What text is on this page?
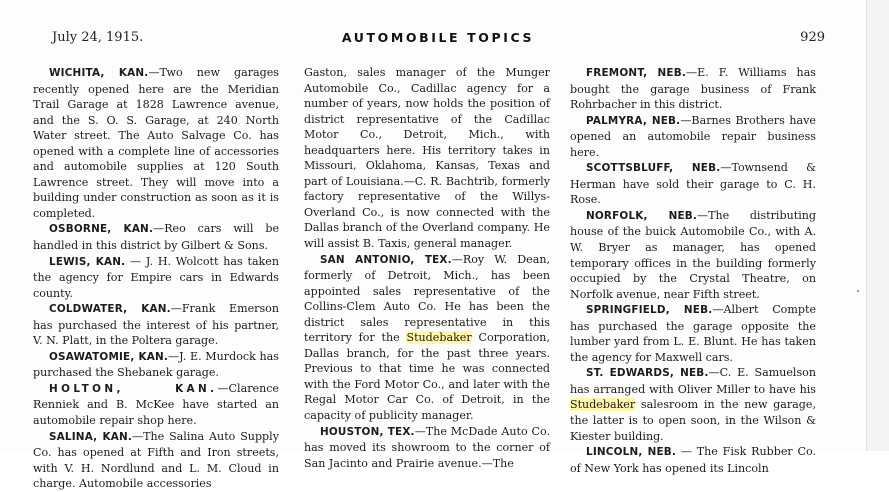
July 24, 1915.	AUTOMOBILE TOPICS	929

WICHITA, KAN.—Two new garages recently opened here are the Meridian Trail Garage at 1828 Lawrence avenue, and the S. O. S. Garage, at 240 North Water street. The Auto Salvage Co. has opened with a complete line of accessories and automobile supplies at 120 South Lawrence street. They will move into a building under construction as soon as it is completed.

OSBORNE, KAN.—Reo cars will be handled in this district by Gilbert & Sons.

LEWIS, KAN. — J. H. Wolcott has taken the agency for Empire cars in Edwards county.

COLDWATER, KAN.—Frank Emerson has purchased the interest of his partner, V. N. Platt, in the Poltera garage.

OSAWATOMIE, KAN.—J. E. Murdock has purchased the Shebanek garage.

HOLTON, KAN.—Clarence Renniek and B. McKee have started an automobile repair shop here.

SALINA, KAN.—The Salina Auto Supply Co. has opened at Fifth and Iron streets, with V. H. Nordlund and L. M. Cloud in charge. Automobile accessories

Gaston, sales manager of the Munger Automobile Co., Cadillac agency for a number of years, now holds the position of district representative of the Cadillac Motor Co., Detroit, Mich., with headquarters here. His territory takes in Missouri, Oklahoma, Kansas, Texas and part of Louisiana.—C. R. Bachtrib, formerly factory representative of the Willys-Overland Co., is now connected with the Dallas branch of the Overland company. He will assist B. Taxis, general manager.

SAN ANTONIO, TEX.—Roy W. Dean, formerly of Detroit, Mich., has been appointed sales representative of the Collins-Clem Auto Co. He has been the district sales representative in this territory for the Studebaker Corporation, Dallas branch, for the past three years. Previous to that time he was connected with the Ford Motor Co., and later with the Regal Motor Car Co. of Detroit, in the capacity of publicity manager.

HOUSTON, TEX.—The McDade Auto Co. has moved its showroom to the corner of San Jacinto and Prairie avenue.—The

FREMONT, NEB.—E. F. Williams has bought the garage business of Frank Rohrbacher in this district.

PALMYRA, NEB.—Barnes Brothers have opened an automobile repair business here.

SCOTTSBLUFF, NEB.—Townsend & Herman have sold their garage to C. H. Rose.

NORFOLK, NEB.—The distributing house of the buick Automobile Co., with A. W. Bryer as manager, has opened temporary offices in the building formerly occupied by the Crystal Theatre, on Norfolk avenue, near Fifth street.

SPRINGFIELD, NEB.—Albert Compte has purchased the garage opposite the lumber yard from L. E. Blunt. He has taken the agency for Maxwell cars.

ST. EDWARDS, NEB.—C. E. Samuelson has arranged with Oliver Miller to have his Studebaker salesroom in the new garage, the latter is to open soon, in the Wilson & Kiester building.

LINCOLN, NEB. — The Fisk Rubber Co. of New York has opened its Lincoln
